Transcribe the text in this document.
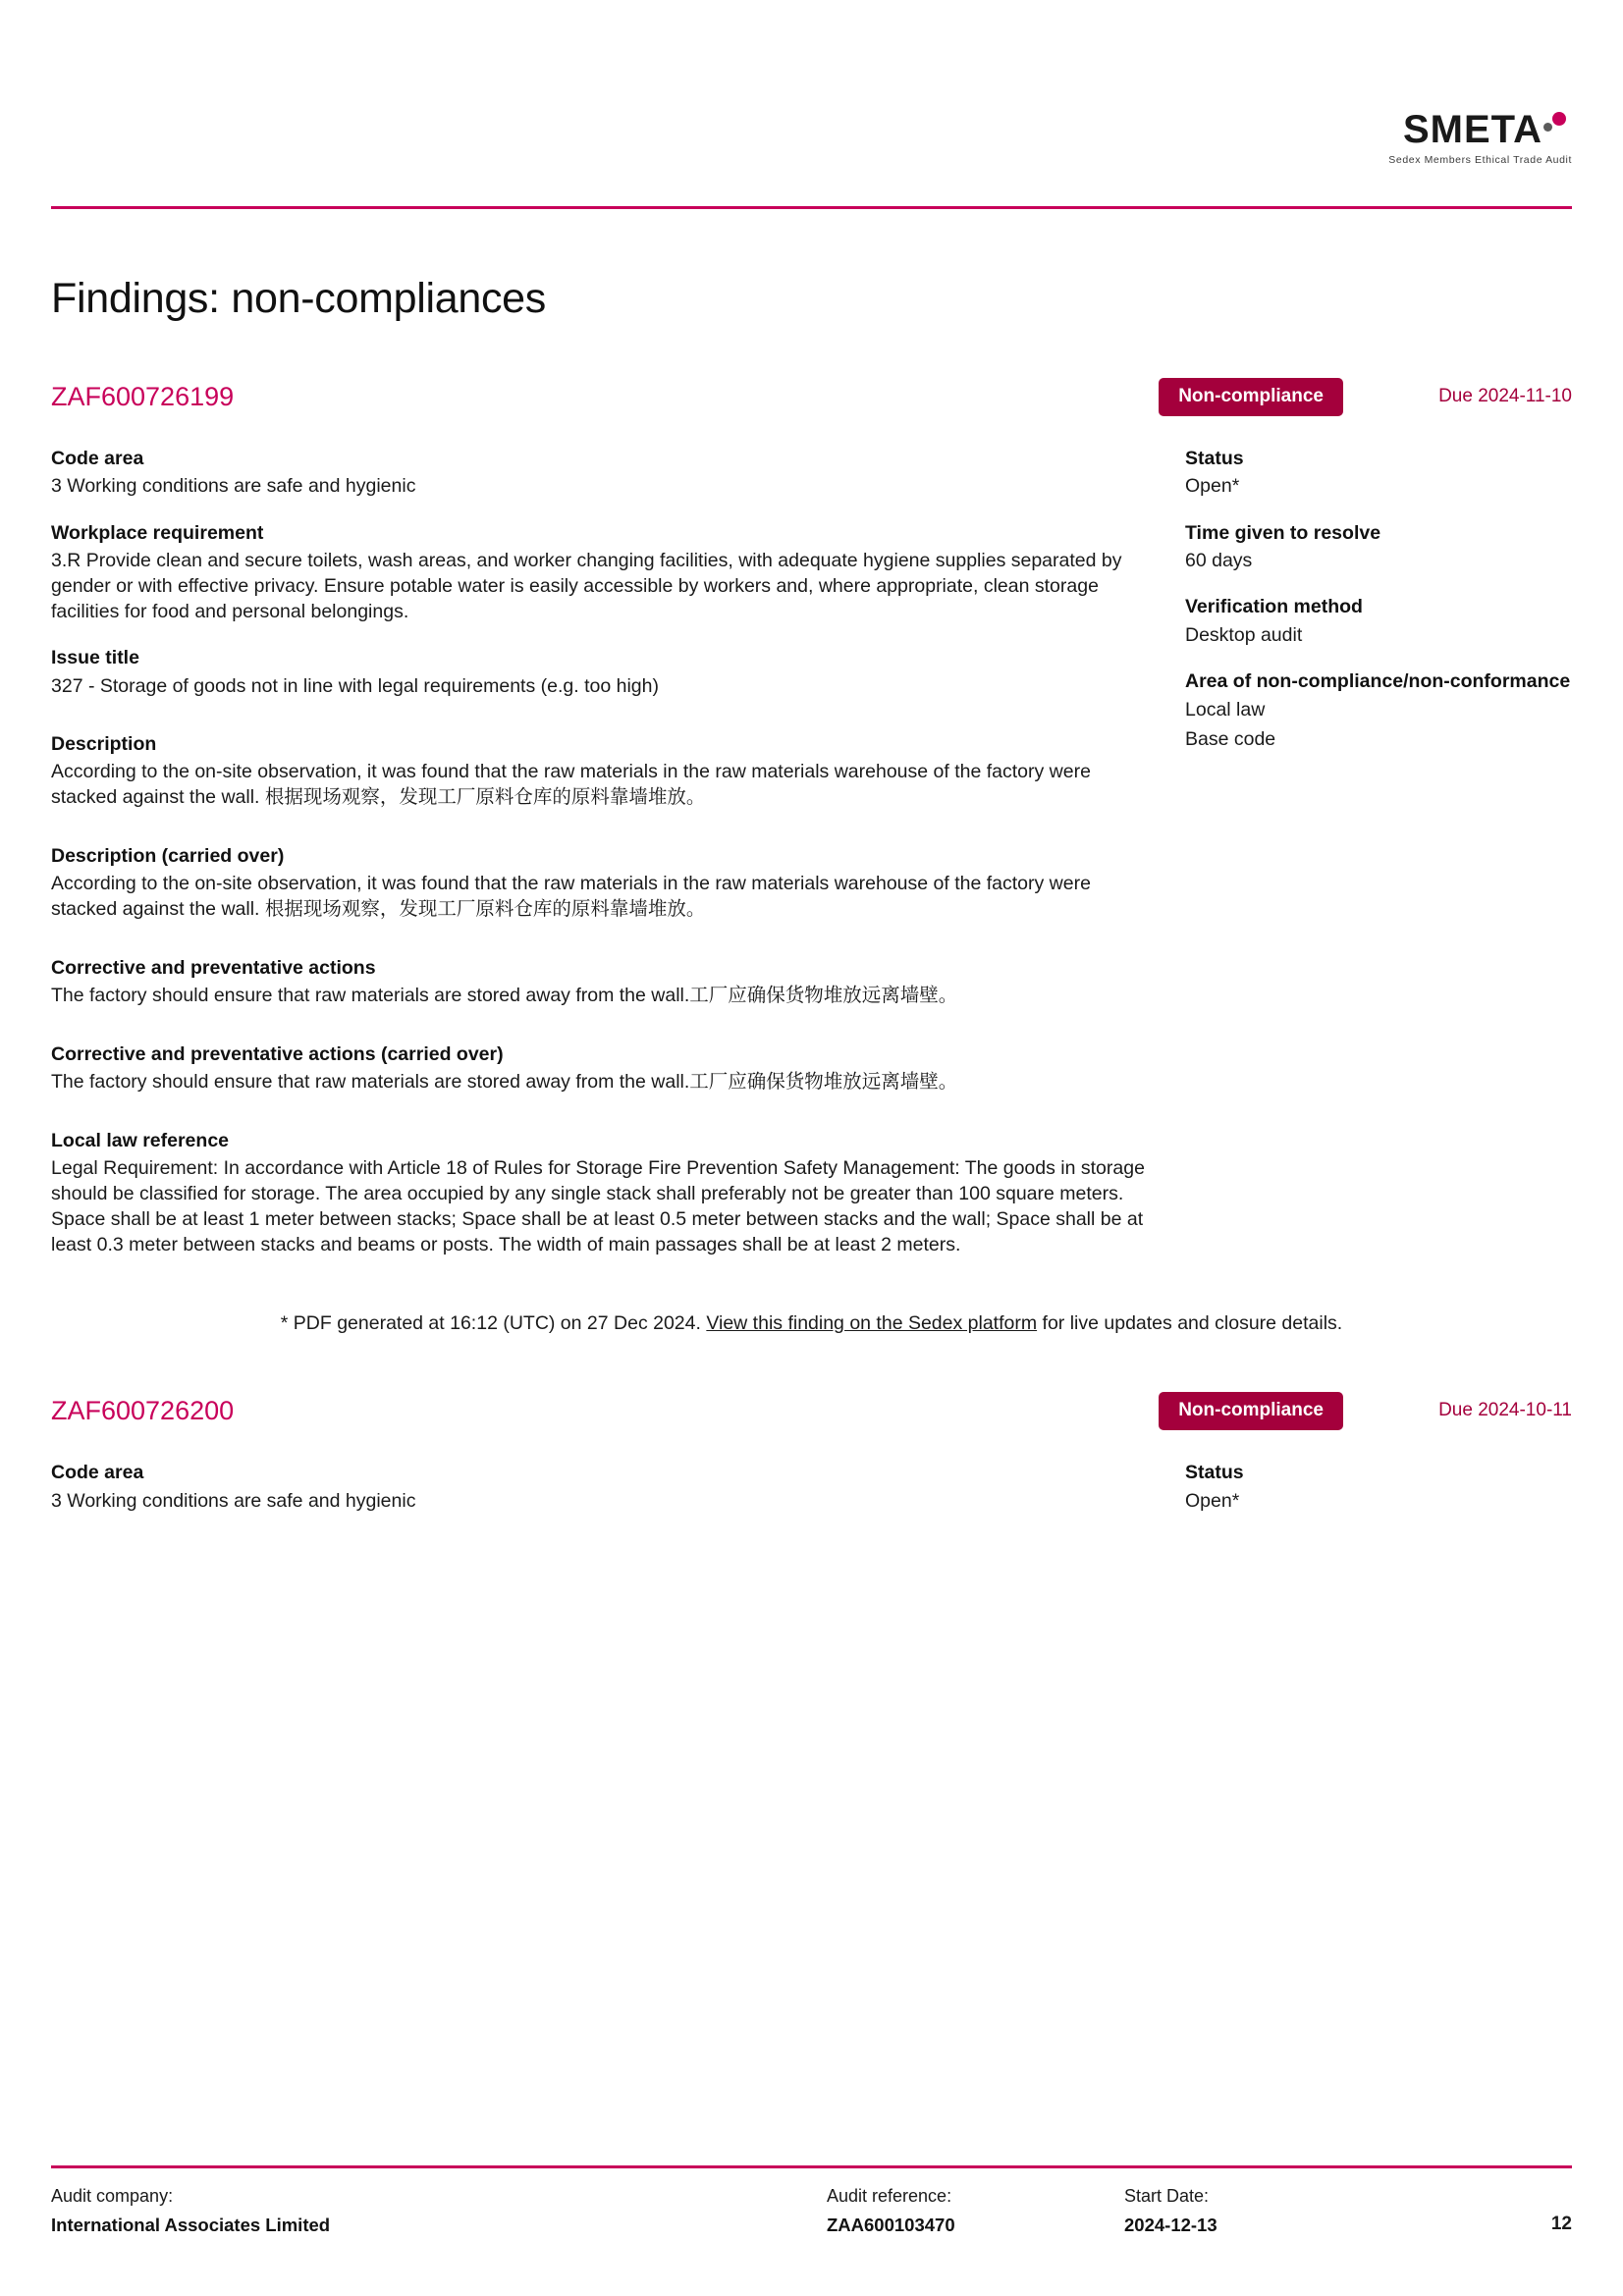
SMETA
Sedex Members Ethical Trade Audit
Findings: non-compliances
ZAF600726199	Non-compliance	Due 2024-11-10
Code area
3 Working conditions are safe and hygienic
Workplace requirement
3.R Provide clean and secure toilets, wash areas, and worker changing facilities, with adequate hygiene supplies separated by gender or with effective privacy. Ensure potable water is easily accessible by workers and, where appropriate, clean storage facilities for food and personal belongings.
Issue title
327 - Storage of goods not in line with legal requirements (e.g. too high)
Description
According to the on-site observation, it was found that the raw materials in the raw materials warehouse of the factory were stacked against the wall. 根据现场观察，发现工厂原料仓库的原料靠墙堆放。
Description (carried over)
According to the on-site observation, it was found that the raw materials in the raw materials warehouse of the factory were stacked against the wall. 根据现场观察，发现工厂原料仓库的原料靠墙堆放。
Corrective and preventative actions
The factory should ensure that raw materials are stored away from the wall.工厂应确保货物堆放远离墙壁。
Corrective and preventative actions (carried over)
The factory should ensure that raw materials are stored away from the wall.工厂应确保货物堆放远离墙壁。
Local law reference
Legal Requirement: In accordance with Article 18 of Rules for Storage Fire Prevention Safety Management: The goods in storage should be classified for storage. The area occupied by any single stack shall preferably not be greater than 100 square meters. Space shall be at least 1 meter between stacks; Space shall be at least 0.5 meter between stacks and the wall; Space shall be at least 0.3 meter between stacks and beams or posts. The width of main passages shall be at least 2 meters.
Status
Open*
Time given to resolve
60 days
Verification method
Desktop audit
Area of non-compliance/non-conformance
Local law
Base code
* PDF generated at 16:12 (UTC) on 27 Dec 2024. View this finding on the Sedex platform for live updates and closure details.
ZAF600726200	Non-compliance	Due 2024-10-11
Code area
3 Working conditions are safe and hygienic
Status
Open*
Audit company:
International Associates Limited
Audit reference:
ZAA600103470
Start Date:
2024-12-13	12
